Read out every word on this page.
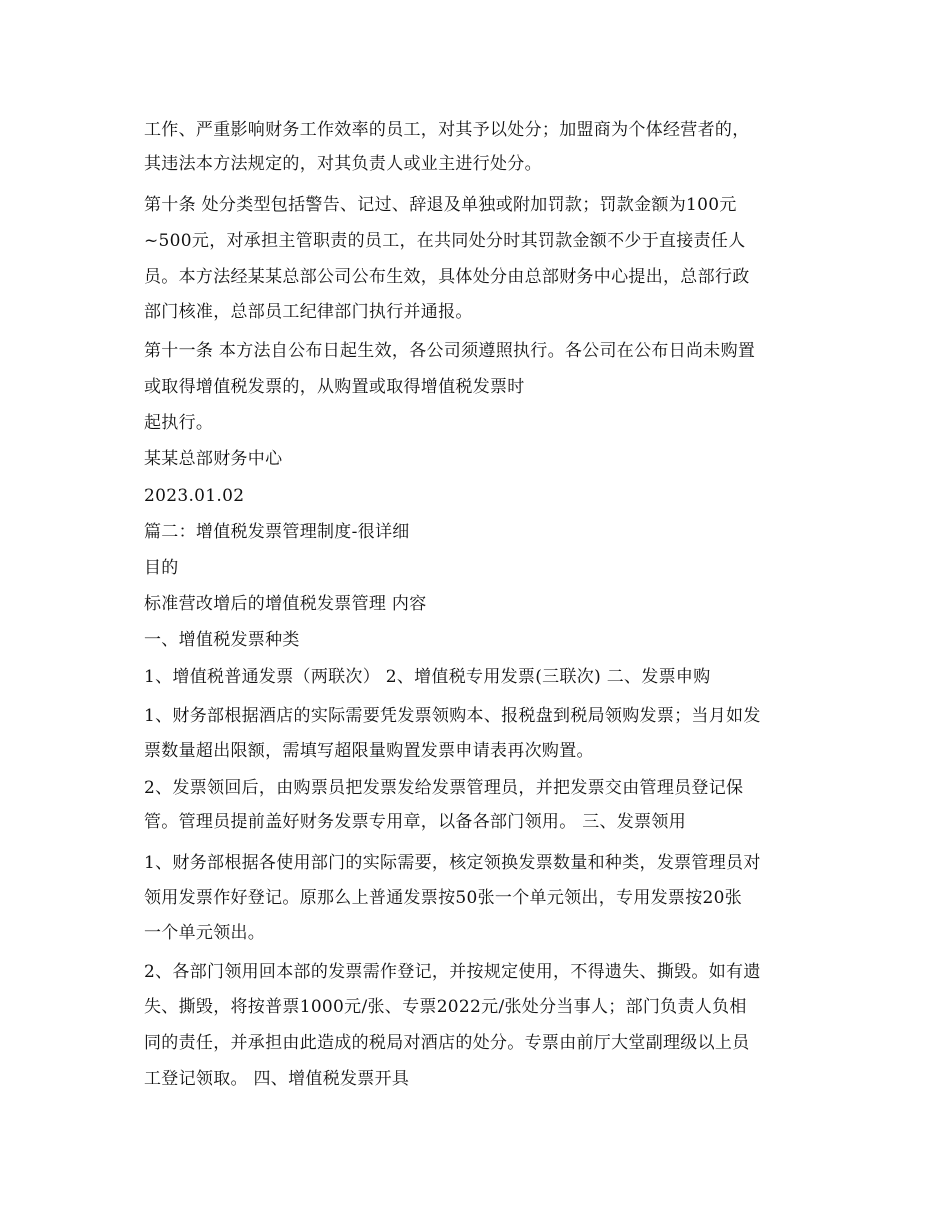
工作、严重影响财务工作效率的员工，对其予以处分；加盟商为个体经营者的，
其违法本方法规定的，对其负责人或业主进行处分。
第十条 处分类型包括警告、记过、辞退及单独或附加罚款；罚款金额为100元
~500元，对承担主管职责的员工，在共同处分时其罚款金额不少于直接责任人
员。本方法经某某总部公司公布生效，具体处分由总部财务中心提出，总部行政
部门核准，总部员工纪律部门执行并通报。
第十一条 本方法自公布日起生效，各公司须遵照执行。各公司在公布日尚未购置
或取得增值税发票的，从购置或取得增值税发票时
起执行。
某某总部财务中心
2023.01.02
篇二：增值税发票管理制度-很详细
目的
标准营改增后的增值税发票管理 内容
一、增值税发票种类
1、增值税普通发票（两联次） 2、增值税专用发票(三联次) 二、发票申购
1、财务部根据酒店的实际需要凭发票领购本、报税盘到税局领购发票；当月如发
票数量超出限额，需填写超限量购置发票申请表再次购置。
2、发票领回后，由购票员把发票发给发票管理员，并把发票交由管理员登记保
管。管理员提前盖好财务发票专用章，以备各部门领用。 三、发票领用
1、财务部根据各使用部门的实际需要，核定领换发票数量和种类，发票管理员对
领用发票作好登记。原那么上普通发票按50张一个单元领出，专用发票按20张
一个单元领出。
2、各部门领用回本部的发票需作登记，并按规定使用，不得遗失、撕毁。如有遗
失、撕毁，将按普票1000元/张、专票2022元/张处分当事人；部门负责人负相
同的责任，并承担由此造成的税局对酒店的处分。专票由前厅大堂副理级以上员
工登记领取。 四、增值税发票开具
